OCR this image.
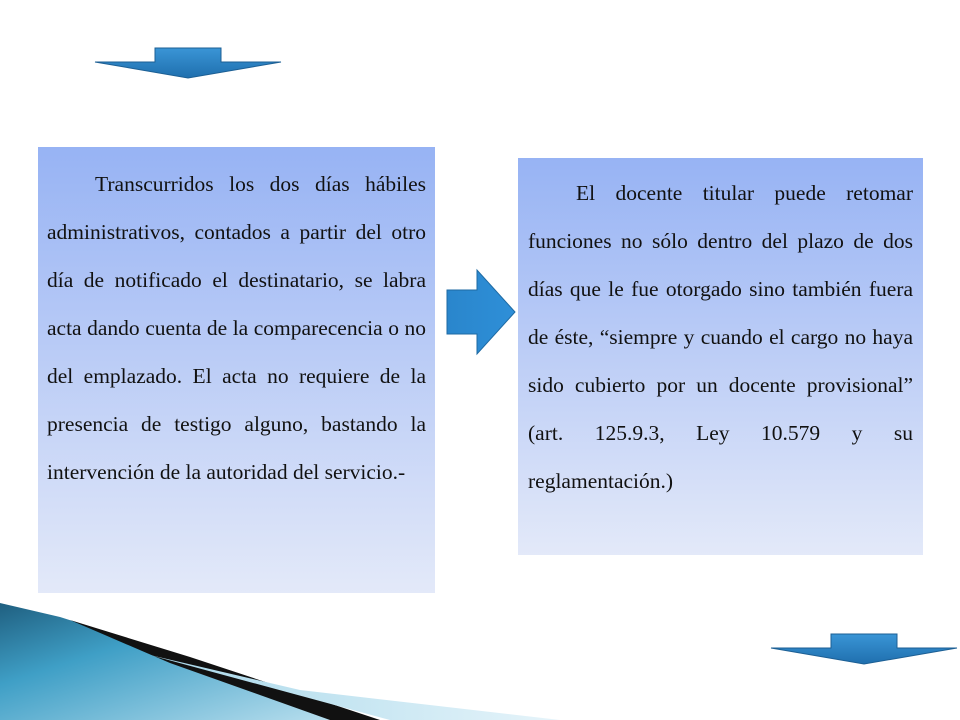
Transcurridos los dos días hábiles administrativos, contados a partir del otro día de notificado el destinatario, se labra acta dando cuenta de la comparecencia o no del emplazado. El acta no requiere de la presencia de testigo alguno, bastando la intervención de la autoridad del servicio.-

El docente titular puede retomar funciones no sólo dentro del plazo de dos días que le fue otorgado sino también fuera de éste, “siempre y cuando el cargo no haya sido cubierto por un docente provisional” (art. 125.9.3, Ley 10.579 y su reglamentación.)
